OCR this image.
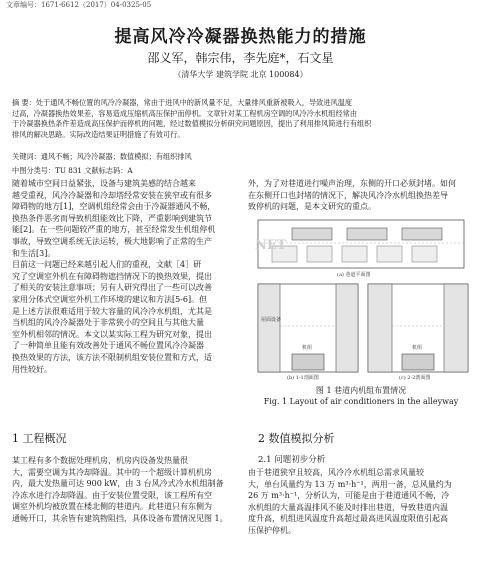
文章编号：1671-6612（2017）04-0325-05
提高风冷冷凝器换热能力的措施
邵义军，韩宗伟，李先庭*，石文星
（清华大学 建筑学院 北京 100084）
摘 要：处于通风不畅位置的风冷冷凝器，常由于进风中的新风量不足，大量排风重新被吸入，导致进风温度
过高，冷凝器换热效果差，容易造成压缩机高压保护而停机。文章针对某工程机房空调的风冷冷水机组经常由
于冷凝器换热条件差造成高压保护而停机的问题，经过数值模拟分析研究问题原因，提出了利用排风简进行有组织
排风的解决思路。实际改造结果证明措施了有效可行。
关键词：通风不畅；风冷冷凝器；数值模拟；有组织排风
中图分类号：TU 831 文献标志码：A
随着城市空间日益紧张，设备与建筑美感的结合越来
越受重视，风冷冷凝器和冷却塔经常安装在狭窄或有很多
障碍物的地方[1]，空调机组经常会由于冷凝器通风不畅，
换热条件恶劣而导致机组能效比下降，严重影响到建筑节
能[2]。在一些问题较严重的地方，甚至经常发生机组停机
事故，导致空调系统无法运转，极大地影响了正常的生产
和生活[3]。
目前这一问题已经来越引起人们的重视，文献［4］研
究了空调室外机在有障碍物遮挡情况下的换热效果，提出
了相关的安装注意事项；另有人研究得出了一些可以改善
家用分体式空调室外机工作环境的建议和方法[5-6]。但
是上述方法很难适用于较大容量的风冷冷水机组，尤其是
当机组的风冷冷凝器处于非常狭小的空间且与其他大量
室外机相邻的情况。本文以某实际工程为研究对象，提出
了一种简单且能有效改善处于通风不畅位置风冷冷凝器
换热效果的方法，该方法不限制机组安装位置和方式，适
用性较好。
外，为了对巷道进行噪声治理，东侧的开口必须封堵。如何
在东侧开口也封堵的情况下，解决风冷冷水机组换热差导
致停机的问题，是本文研究的重点。
(a) 巷道平面图
(b) 1-1剖面图	(c) 2-2剖面图
屋面设备
机组	机组
NET
图 1 巷道内机组布置情况
Fig. 1 Layout of air conditioners in the alleyway
1 工程概况	2 数值模拟分析
2.1 问题初步分析
某工程有多个数据处理机房，机房内设备发热量很
大，需要空调为其冷却降温。其中的一个超级计算机机房
内，最大发热量可达 900 kW，由 3 台风冷式冷水机组制备
冷冻水进行冷却降温。由于安装位置受限，该工程所有空
调室外机均被放置在楼北侧的巷道内。此巷道只有东侧为
通畅开口，其余皆有建筑物阻挡，具体设备布置情况见图 1。
由于巷道狭窄且较高，风冷冷水机组总需求风量较
大，单台风量约为 13 万 m³·h⁻¹，两用一备，总风量约为
26 万 m³·h⁻¹，分析认为，可能是由于巷道通风不畅，冷
水机组的大量高温排风不能及时排出巷道，导致巷道内温
度升高，机组进风温度升高超过最高进风温度限值引起高
压保护停机。
